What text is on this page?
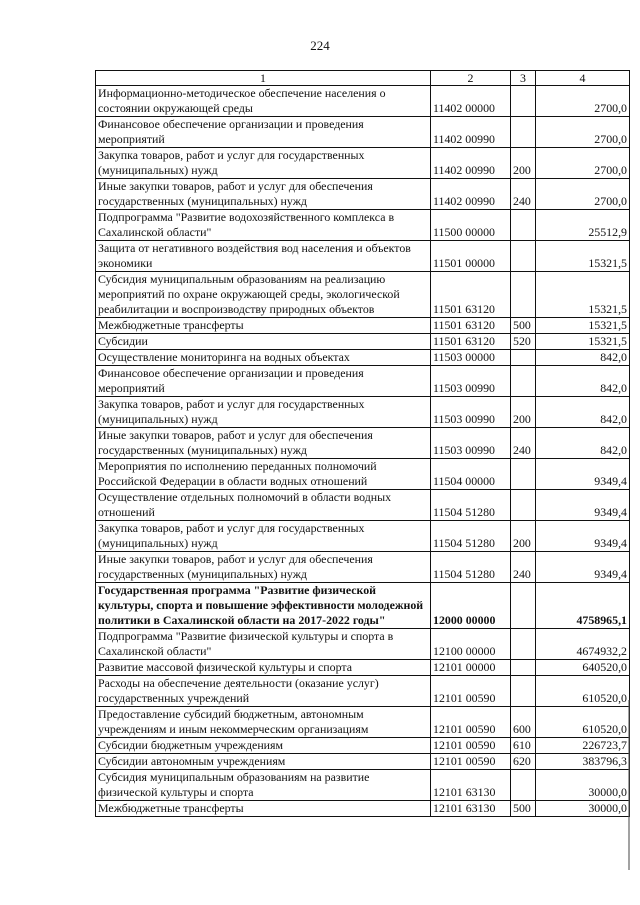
224
1	2	3	4
Информационно-методическое обеспечение населения о состоянии окружающей среды	11402 00000		2700,0
Финансовое обеспечение организации и проведения мероприятий	11402 00990		2700,0
Закупка товаров, работ и услуг для государственных (муниципальных) нужд	11402 00990	200	2700,0
Иные закупки товаров, работ и услуг для обеспечения государственных (муниципальных) нужд	11402 00990	240	2700,0
Подпрограмма "Развитие водохозяйственного комплекса в Сахалинской области"	11500 00000		25512,9
Защита от негативного воздействия вод населения и объектов экономики	11501 00000		15321,5
Субсидия муниципальным образованиям на реализацию мероприятий по охране окружающей среды, экологической реабилитации и воспроизводству природных объектов	11501 63120		15321,5
Межбюджетные трансферты	11501 63120	500	15321,5
Субсидии	11501 63120	520	15321,5
Осуществление мониторинга на водных объектах	11503 00000		842,0
Финансовое обеспечение организации и проведения мероприятий	11503 00990		842,0
Закупка товаров, работ и услуг для государственных (муниципальных) нужд	11503 00990	200	842,0
Иные закупки товаров, работ и услуг для обеспечения государственных (муниципальных) нужд	11503 00990	240	842,0
Мероприятия по исполнению переданных полномочий Российской Федерации в области водных отношений	11504 00000		9349,4
Осуществление отдельных полномочий в области водных отношений	11504 51280		9349,4
Закупка товаров, работ и услуг для государственных (муниципальных) нужд	11504 51280	200	9349,4
Иные закупки товаров, работ и услуг для обеспечения государственных (муниципальных) нужд	11504 51280	240	9349,4
Государственная программа "Развитие физической культуры, спорта и повышение эффективности молодежной политики в Сахалинской области на 2017-2022 годы"	12000 00000		4758965,1
Подпрограмма "Развитие физической культуры и спорта в Сахалинской области"	12100 00000		4674932,2
Развитие массовой физической культуры и спорта	12101 00000		640520,0
Расходы на обеспечение деятельности (оказание услуг) государственных учреждений	12101 00590		610520,0
Предоставление субсидий бюджетным, автономным учреждениям и иным некоммерческим организациям	12101 00590	600	610520,0
Субсидии бюджетным учреждениям	12101 00590	610	226723,7
Субсидии автономным учреждениям	12101 00590	620	383796,3
Субсидия муниципальным образованиям на развитие физической культуры и спорта	12101 63130		30000,0
Межбюджетные трансферты	12101 63130	500	30000,0
